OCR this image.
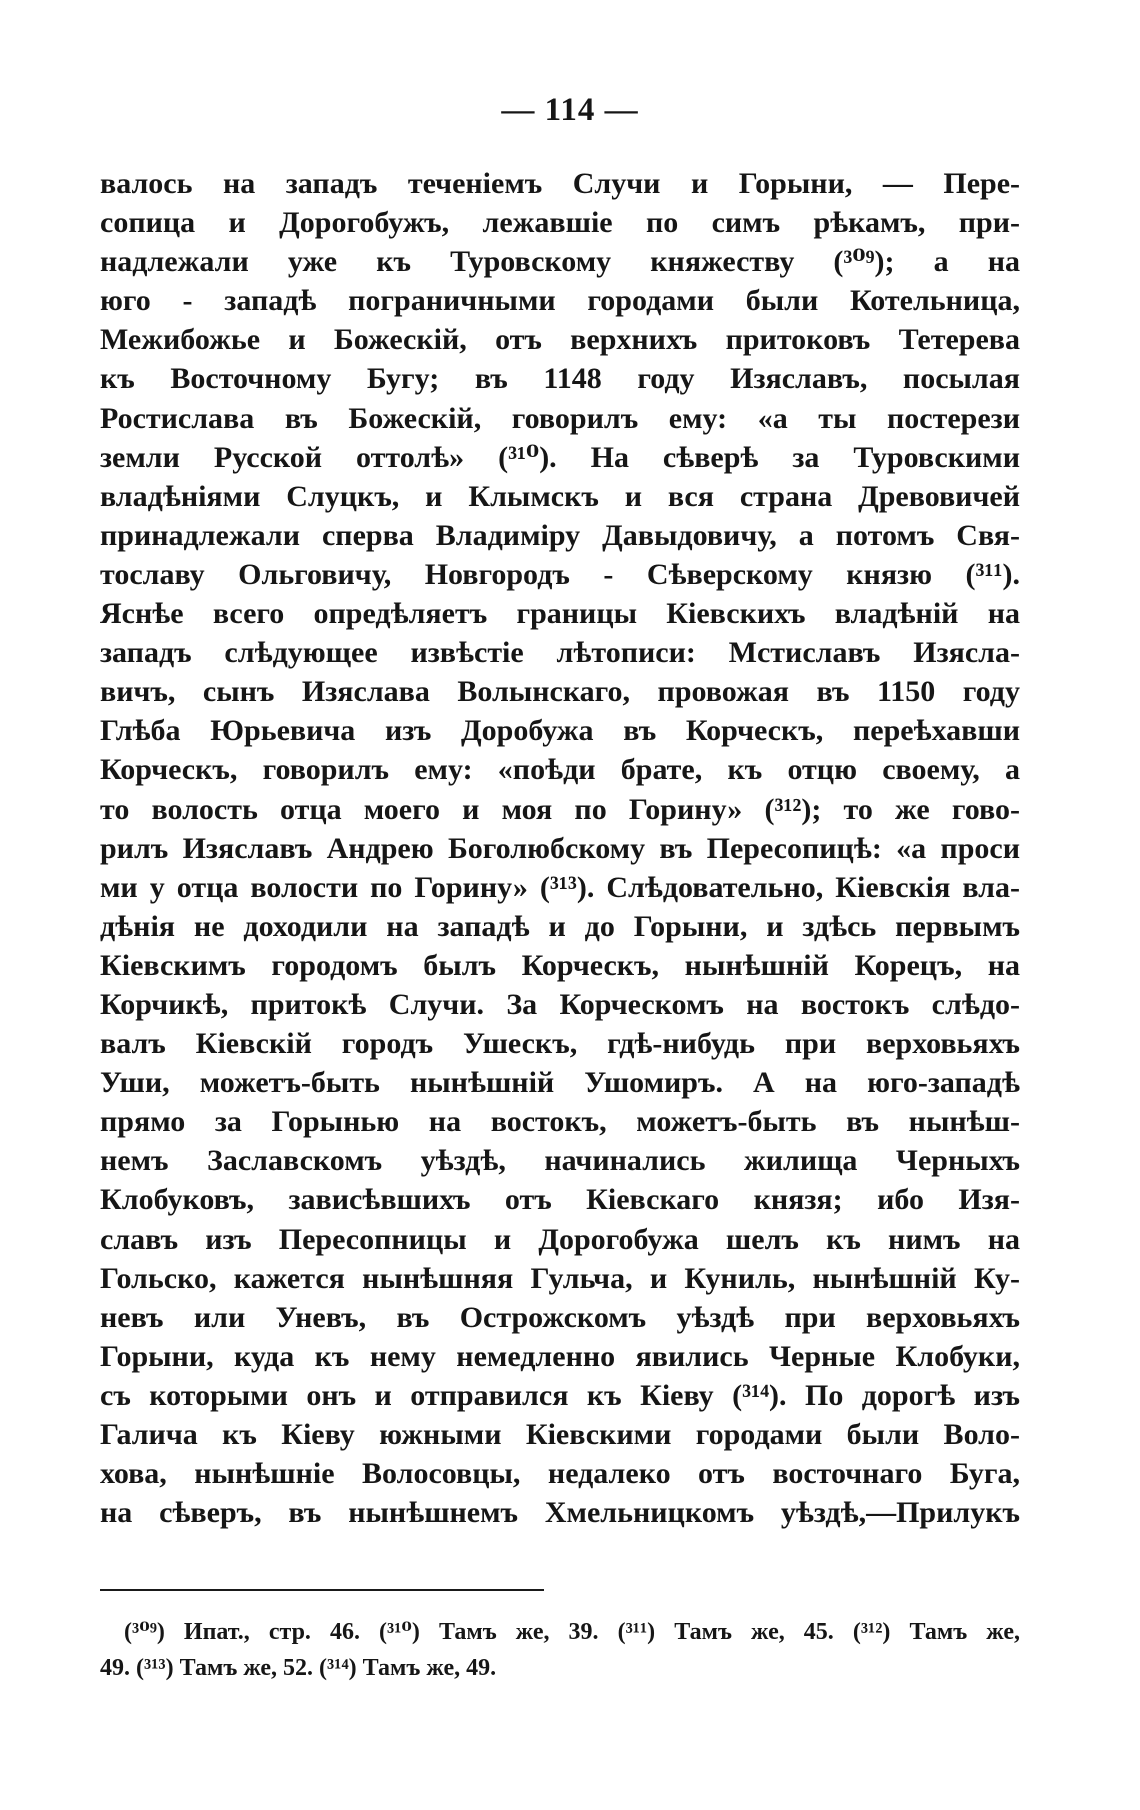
— 114 —
валось на западъ теченіемъ Случи и Горыни, — Пере-
сопица и Дорогобужъ, лежавшіе по симъ рѣкамъ, при-
надлежали уже къ Туровскому княжеству (³⁰⁹); а на
юго - западѣ пограничными городами были Котельница,
Межибожье и Божескій, отъ верхнихъ притоковъ Тетерева
къ Восточному Бугу; въ 1148 году Изяславъ, посылая
Ростислава въ Божескій, говорилъ ему: «а ты постерези
земли Русской оттолѣ» (³¹⁰). На сѣверѣ за Туровскими
владѣніями Слуцкъ, и Клымскъ и вся страна Древовичей
принадлежали сперва Владиміру Давыдовичу, а потомъ Свя-
тославу Ольговичу, Новгородъ - Сѣверскому князю (³¹¹).
Яснѣе всего опредѣляетъ границы Кіевскихъ владѣній на
западъ слѣдующее извѣстіе лѣтописи: Мстиславъ Изясла-
вичъ, сынъ Изяслава Волынскаго, провожая въ 1150 году
Глѣба Юрьевича изъ Доробужа въ Корческъ, переѣхавши
Корческъ, говорилъ ему: «поѣди брате, къ отцю своему, а
то волость отца моего и моя по Горину» (³¹²); то же гово-
рилъ Изяславъ Андрею Боголюбскому въ Пересопицѣ: «а проси
ми у отца волости по Горину» (³¹³). Слѣдовательно, Кіевскія вла-
дѣнія не доходили на западѣ и до Горыни, и здѣсь первымъ
Кіевскимъ городомъ былъ Корческъ, нынѣшній Корецъ, на
Корчикѣ, притокѣ Случи. За Корческомъ на востокъ слѣдо-
валъ Кіевскій городъ Ушескъ, гдѣ-нибудь при верховьяхъ
Уши, можетъ-быть нынѣшній Ушомиръ. А на юго-западѣ
прямо за Горынью на востокъ, можетъ-быть въ нынѣш-
немъ Заславскомъ уѣздѣ, начинались жилища Черныхъ
Клобуковъ, зависѣвшихъ отъ Кіевскаго князя; ибо Изя-
славъ изъ Пересопницы и Дорогобужа шелъ къ нимъ на
Гольско, кажется нынѣшняя Гульча, и Куниль, нынѣшній Ку-
невъ или Уневъ, въ Острожскомъ уѣздѣ при верховьяхъ
Горыни, куда къ нему немедленно явились Черные Клобуки,
съ которыми онъ и отправился къ Кіеву (³¹⁴). По дорогѣ изъ
Галича къ Кіеву южными Кіевскими городами были Воло-
хова, нынѣшніе Волосовцы, недалеко отъ восточнаго Буга,
на сѣверъ, въ нынѣшнемъ Хмельницкомъ уѣздѣ,—Прилукъ
(³⁰⁹) Ипат., стр. 46. (³¹⁰) Тамъ же, 39. (³¹¹) Тамъ же, 45. (³¹²) Тамъ же,
49. (³¹³) Тамъ же, 52. (³¹⁴) Тамъ же, 49.
